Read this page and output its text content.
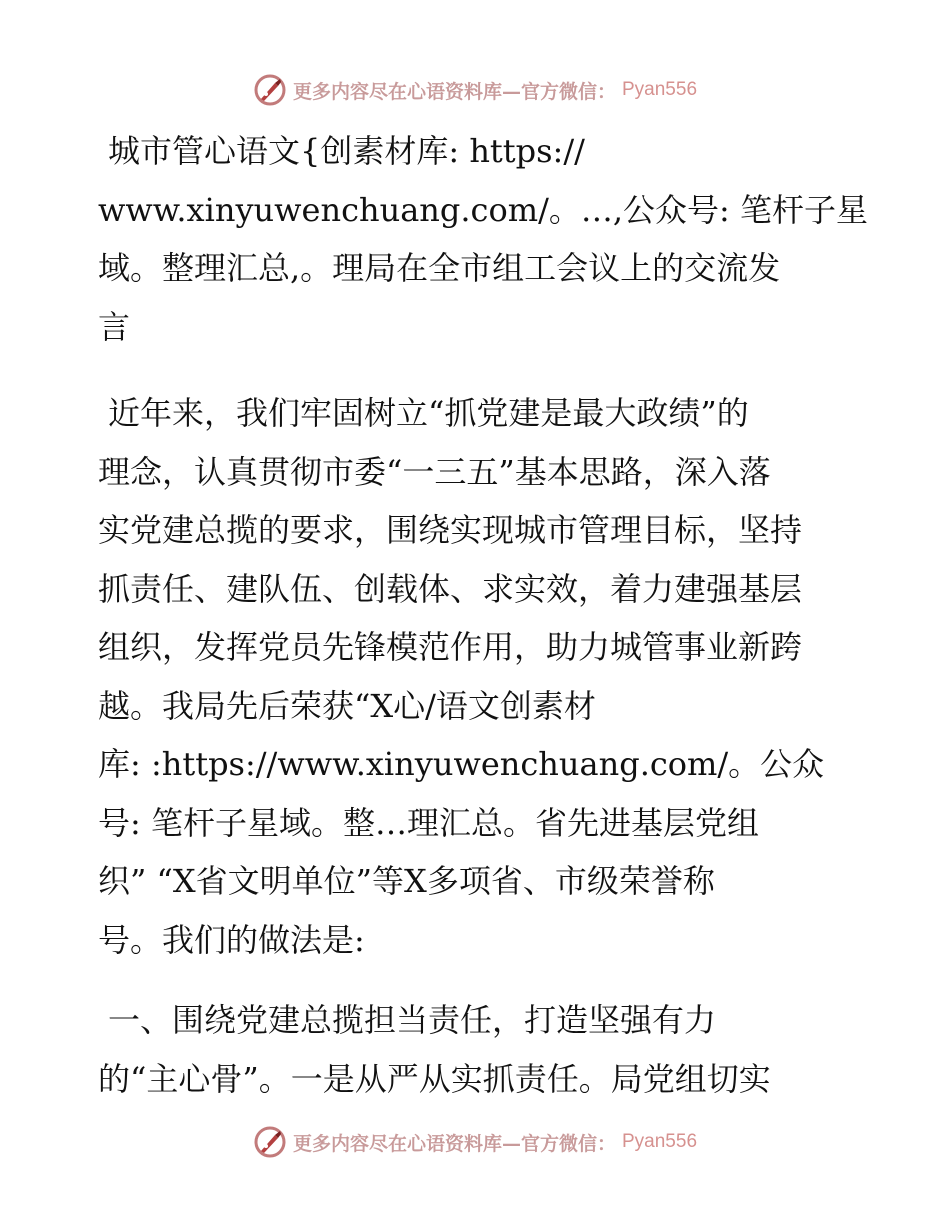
更多内容尽在心语资料库—官方微信： Pyan556
城市管心语文{创素材库: https://
www.xinyuwenchuang.com/。…,公众号: 笔杆子星
域。整理汇总,。理局在全市组工会议上的交流发
言
近年来，我们牢固树立“抓党建是最大政绩”的
理念，认真贯彻市委“一三五”基本思路，深入落
实党建总揽的要求，围绕实现城市管理目标，坚持
抓责任、建队伍、创载体、求实效，着力建强基层
组织，发挥党员先锋模范作用，助力城管事业新跨
越。我局先后荣获“X心/语文创素材
库: :https://www.xinyuwenchuang.com/。公众
号: 笔杆子星域。整…理汇总。省先进基层党组
织” “X省文明单位”等X多项省、市级荣誉称
号。我们的做法是:
一、围绕党建总揽担当责任，打造坚强有力
的“主心骨”。一是从严从实抓责任。局党组切实
更多内容尽在心语资料库—官方微信： Pyan556
